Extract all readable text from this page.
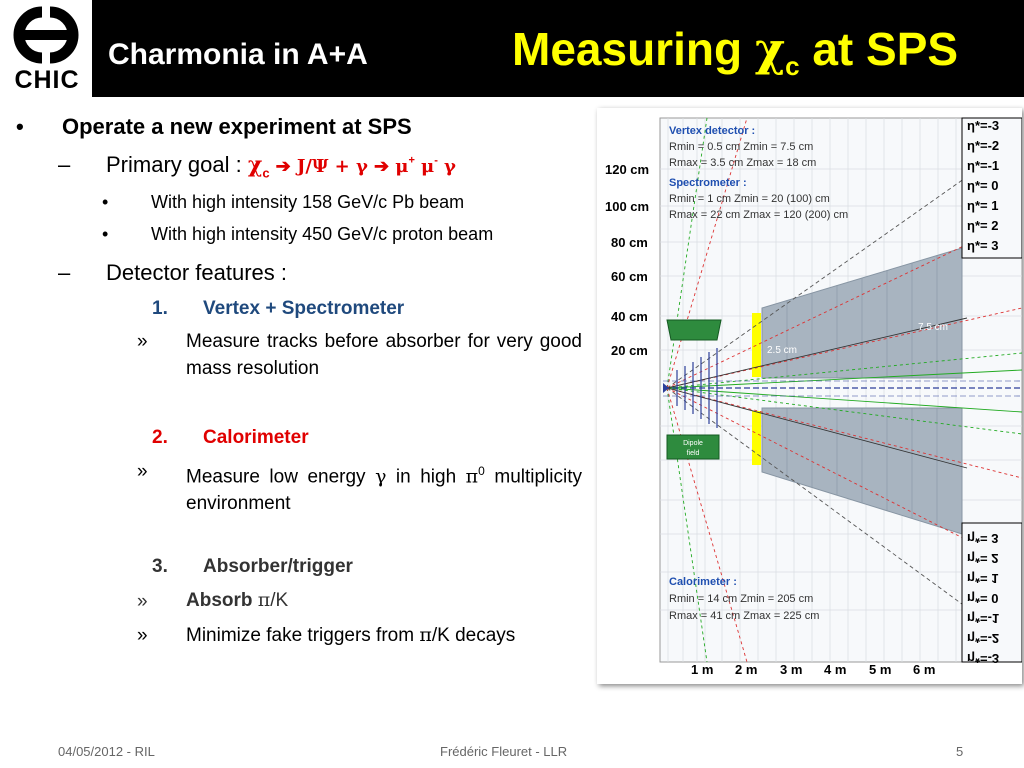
CHIC
Charmonia in A+A	Measuring $\chi_c$ at SPS
• Operate a new experiment at SPS
– Primary goal : $\chi_c$ ➔ J/Ψ + γ ➔ μ+ μ- γ
• With high intensity 158 GeV/c Pb beam
• With high intensity 450 GeV/c proton beam
– Detector features :
1. Vertex + Spectrometer
» Measure tracks before absorber for very good mass resolution
2. Calorimeter
» Measure low energy γ in high $\pi^0$ multiplicity environment
3. Absorber/trigger
» Absorb π/K
» Minimize fake triggers from π/K decays
Dipole
field
2.5 cm
7.5 cm
Vertex detector :
Rmin = 0.5 cm Zmin = 7.5 cm
Rmax = 3.5 cm Zmax = 18 cm
Spectrometer :
Rmin = 1 cm Zmin = 20 (100) cm
Rmax = 22 cm Zmax = 120 (200) cm
Calorimeter :
Rmin = 14 cm Zmin = 205 cm
Rmax = 41 cm Zmax = 225 cm
η*=-3
η*=-2
η*=-1
η*= 0
η*= 1
η*= 2
η*= 3
η*=-3
η*=-2
η*=-1
η*= 0
η*= 1
η*= 2
η*= 3
120 cm
100 cm
80 cm
60 cm
40 cm
20 cm
1 m 2 m 3 m 4 m 5 m 6 m
04/05/2012 - RIL	Frédéric Fleuret - LLR	5
